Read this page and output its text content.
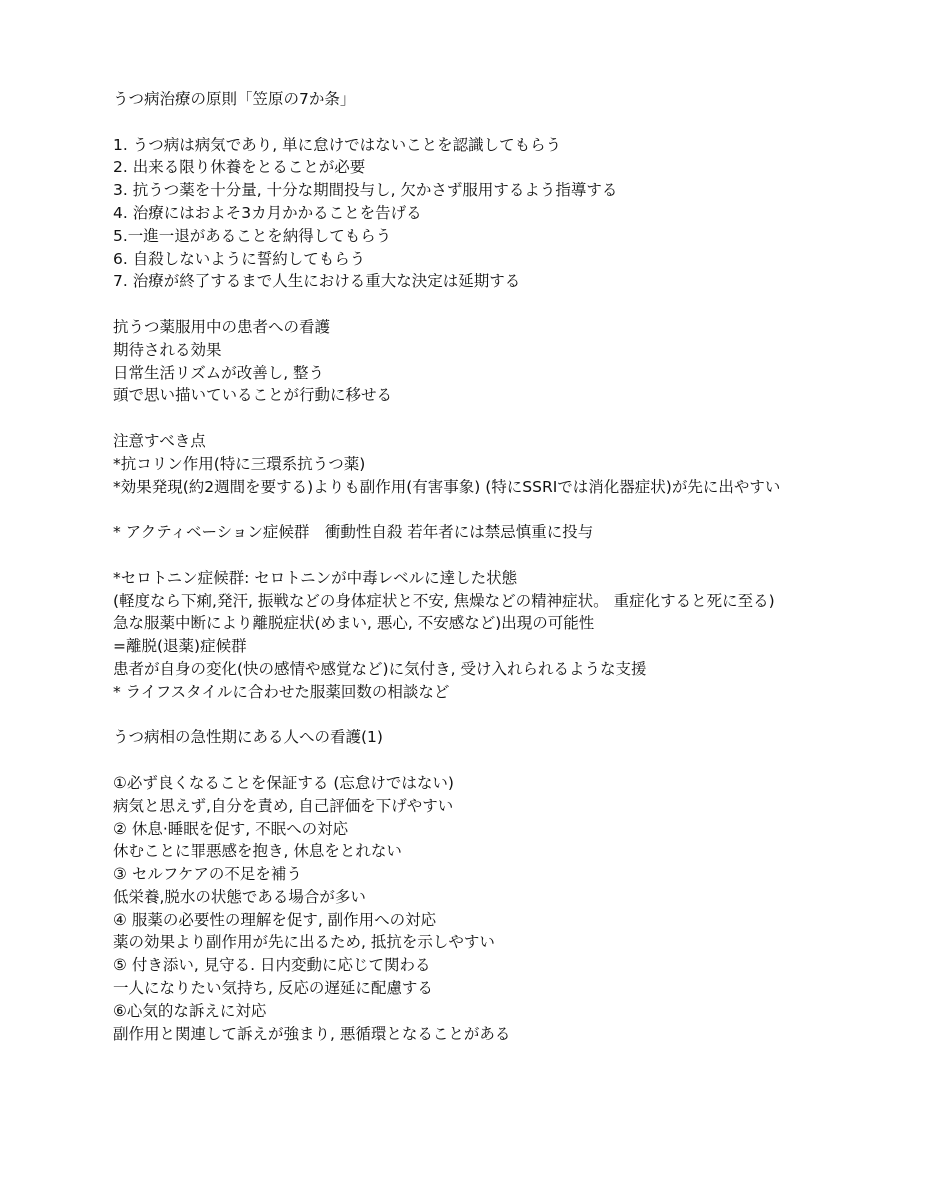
うつ病治療の原則「笠原の7か条」

1. うつ病は病気であり, 単に怠けではないことを認識してもらう

2. 出来る限り休養をとることが必要

3. 抗うつ薬を十分量, 十分な期間投与し, 欠かさず服用するよう指導する

4. 治療にはおよそ3カ月かかることを告げる

5.一進一退があることを納得してもらう

6. 自殺しないように誓約してもらう

7. 治療が終了するまで人生における重大な決定は延期する

抗うつ薬服用中の患者への看護

期待される効果

日常生活リズムが改善し, 整う

頭で思い描いていることが行動に移せる

注意すべき点

*抗コリン作用(特に三環系抗うつ薬)

*効果発現(約2週間を要する)よりも副作用(有害事象) (特にSSRIでは消化器症状)が先に出やすい

* アクティベーション症候群　衝動性自殺 若年者には禁忌慎重に投与

*セロトニン症候群: セロトニンが中毒レベルに達した状態

(軽度なら下痢,発汗, 振戦などの身体症状と不安, 焦燥などの精神症状。 重症化すると死に至る)

急な服薬中断により離脱症状(めまい, 悪心, 不安感など)出現の可能性

=離脱(退薬)症候群

患者が自身の変化(快の感情や感覚など)に気付き, 受け入れられるような支援

* ライフスタイルに合わせた服薬回数の相談など

うつ病相の急性期にある人への看護(1)

①必ず良くなることを保証する (忘怠けではない)

病気と思えず,自分を責め, 自己評価を下げやすい

② 休息·睡眠を促す, 不眠への対応

休むことに罪悪感を抱き, 休息をとれない

③ セルフケアの不足を補う

低栄養,脱水の状態である場合が多い

④ 服薬の必要性の理解を促す, 副作用への対応

薬の効果より副作用が先に出るため, 抵抗を示しやすい

⑤ 付き添い, 見守る. 日内変動に応じて関わる

一人になりたい気持ち, 反応の遅延に配慮する

⑥心気的な訴えに対応

副作用と関連して訴えが強まり, 悪循環となることがある
